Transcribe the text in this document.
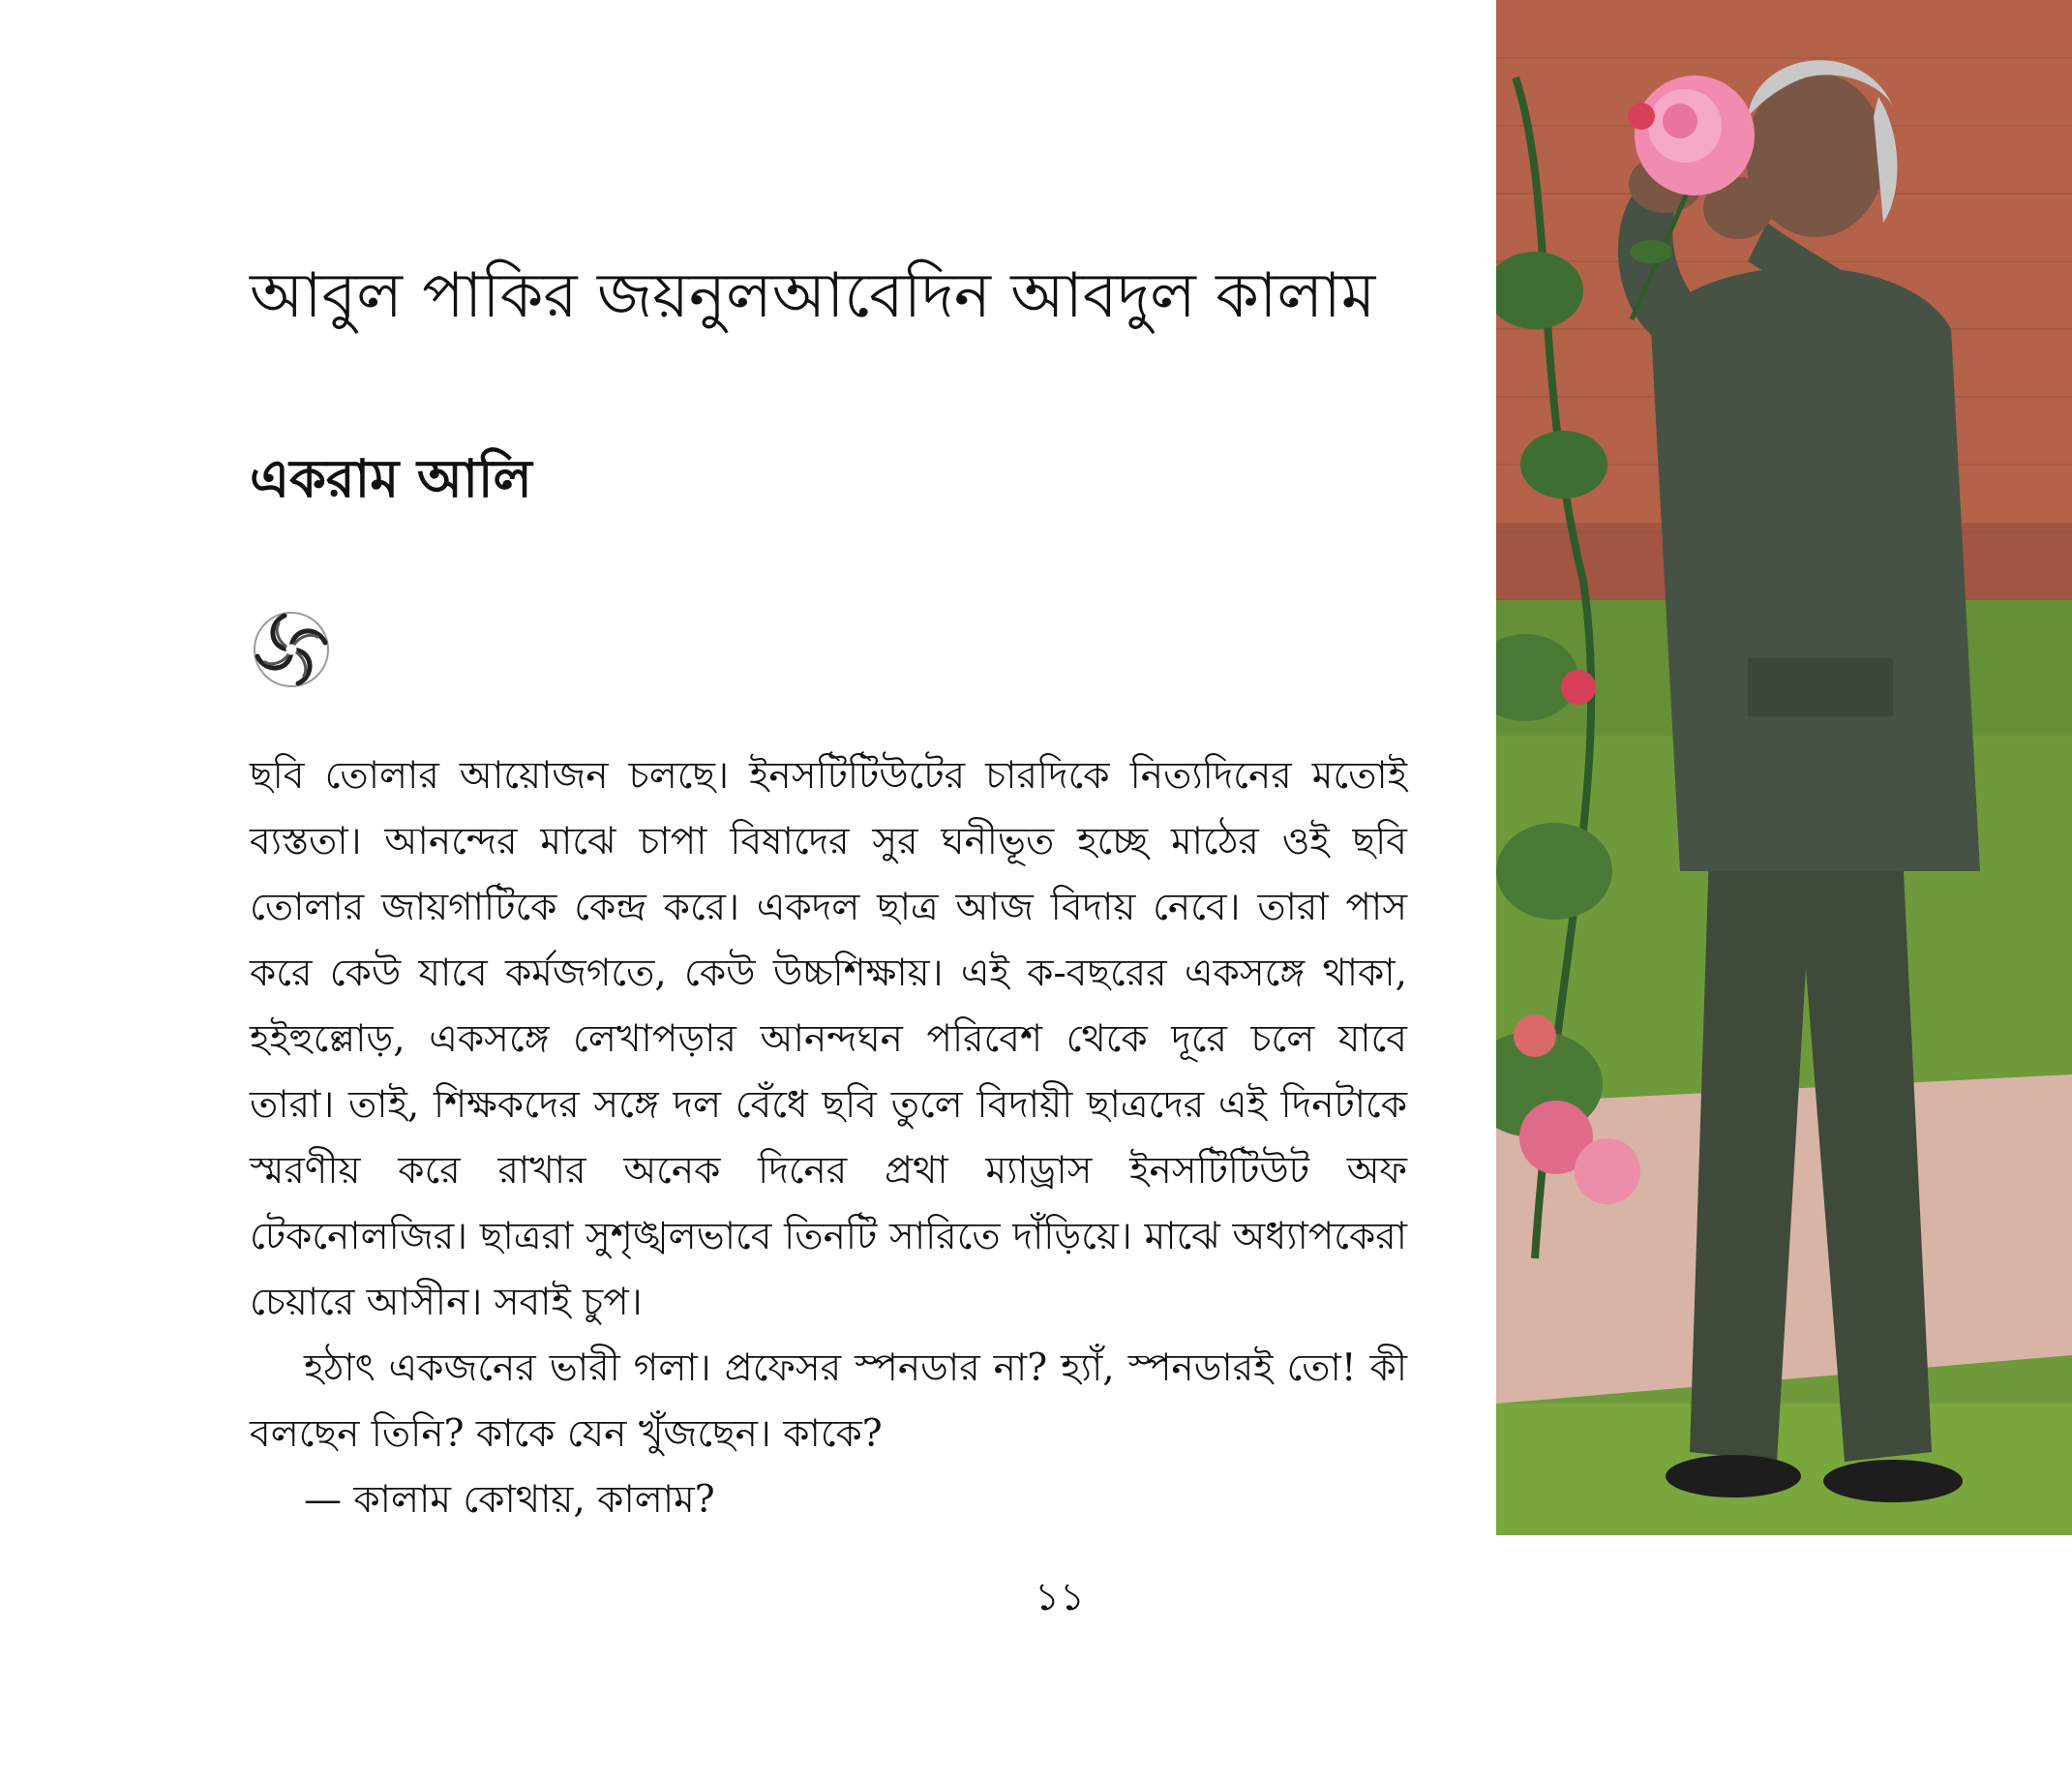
আবুল পাকির জয়নুলআবেদিন আবদুল কালাম
একরাম আলি

ছবি তোলার আয়োজন চলছে। ইনসটিটিউটের চারদিকে নিত্যদিনের মতোই ব্যস্ততা। আনন্দের মাঝে চাপা বিষাদের সুর ঘনীভূত হচ্ছে মাঠের ওই ছবি তোলার জায়গাটিকে কেন্দ্র করে। একদল ছাত্র আজ বিদায় নেবে। তারা পাস করে কেউ যাবে কর্মজগতে, কেউ উচ্চশিক্ষায়। এই ক-বছরের একসঙ্গে থাকা, হইহুল্লোড়, একসঙ্গে লেখাপড়ার আনন্দঘন পরিবেশ থেকে দূরে চলে যাবে তারা। তাই, শিক্ষকদের সঙ্গে দল বেঁধে ছবি তুলে বিদায়ী ছাত্রদের এই দিনটাকে স্মরণীয় করে রাখার অনেক দিনের প্রথা ম্যাড্রাস ইনসটিটিউট অফ টেকনোলজির। ছাত্ররা সুশৃঙ্খলভাবে তিনটি সারিতে দাঁড়িয়ে। মাঝে অধ্যাপকেরা চেয়ারে আসীন। সবাই চুপ।

হঠাৎ একজনের ভারী গলা। প্রফেসর স্পনডার না? হ্যাঁ, স্পনডারই তো! কী বলছেন তিনি? কাকে যেন খুঁজছেন। কাকে?

— কালাম কোথায়, কালাম?

১১
